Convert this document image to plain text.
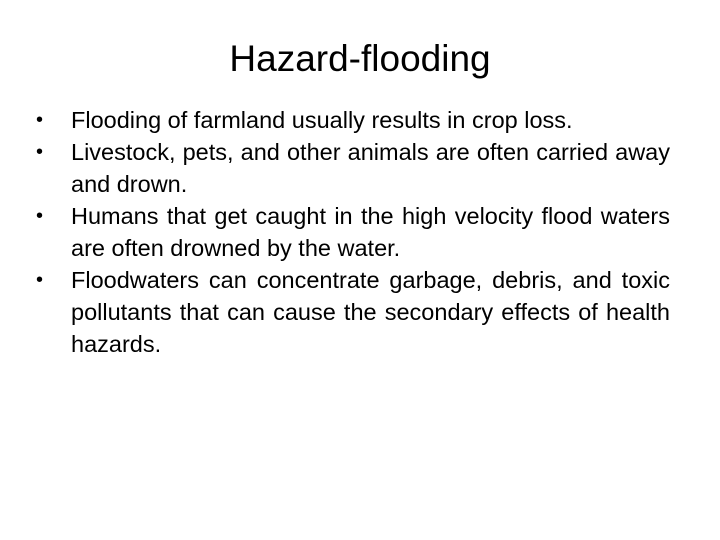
Hazard-flooding
•	Flooding of farmland usually results in crop loss.
•	Livestock, pets, and other animals are often carried away and drown.
•	Humans that get caught in the high velocity flood waters are often drowned by the water.
•	Floodwaters can concentrate garbage, debris, and toxic pollutants that can cause the secondary effects of health hazards.
